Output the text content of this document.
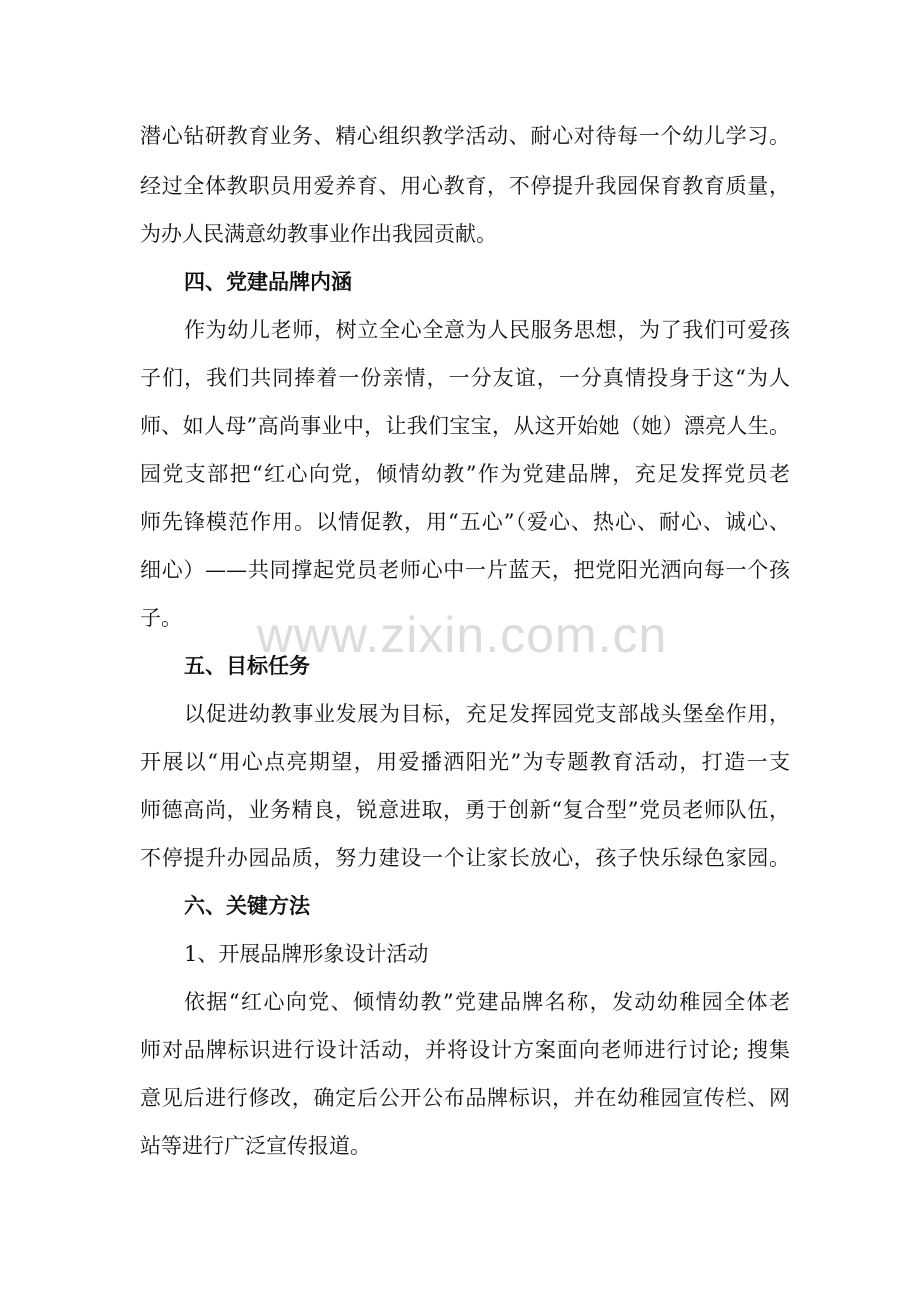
www.zixin.com.cn
潜心钻研教育业务、精心组织教学活动、耐心对待每一个幼儿学习。
经过全体教职员用爱养育、用心教育，不停提升我园保育教育质量，
为办人民满意幼教事业作出我园贡献。
四、党建品牌内涵
作为幼儿老师，树立全心全意为人民服务思想，为了我们可爱孩
子们，我们共同捧着一份亲情，一分友谊，一分真情投身于这“为人
师、如人母”高尚事业中，让我们宝宝，从这开始她（她）漂亮人生。
园党支部把“红心向党，倾情幼教”作为党建品牌，充足发挥党员老
师先锋模范作用。以情促教，用“五心”（爱心、热心、耐心、诚心、
细心）——共同撑起党员老师心中一片蓝天，把党阳光洒向每一个孩
子。
五、目标任务
以促进幼教事业发展为目标，充足发挥园党支部战头堡垒作用，
开展以“用心点亮期望，用爱播洒阳光”为专题教育活动，打造一支
师德高尚，业务精良，锐意进取，勇于创新“复合型”党员老师队伍，
不停提升办园品质，努力建设一个让家长放心，孩子快乐绿色家园。
六、关键方法
1、开展品牌形象设计活动
依据“红心向党、倾情幼教”党建品牌名称，发动幼稚园全体老
师对品牌标识进行设计活动，并将设计方案面向老师进行讨论; 搜集
意见后进行修改，确定后公开公布品牌标识，并在幼稚园宣传栏、网
站等进行广泛宣传报道。
